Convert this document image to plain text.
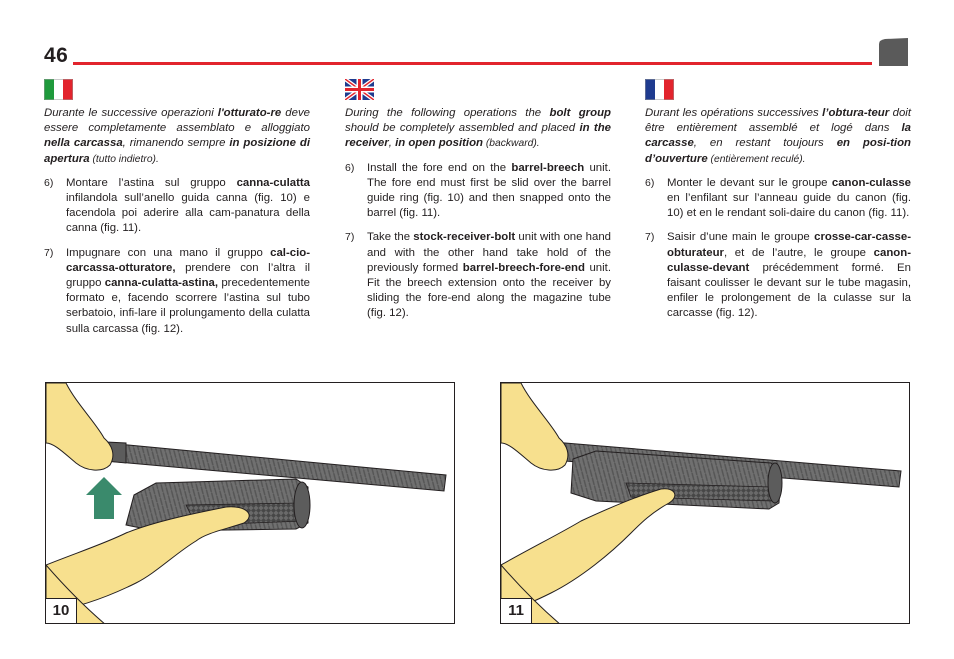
46

Durante le successive operazioni l'otturato-re deve essere completamente assemblato e alloggiato nella carcassa, rimanendo sempre in posizione di apertura (tutto indietro).

6)	Montare l’astina sul gruppo canna-culatta infilandola sull’anello guida canna (fig. 10) e facendola poi aderire alla cam-panatura della canna (fig. 11).
7)	Impugnare con una mano il gruppo cal-cio-carcassa-otturatore, prendere con l’altra il gruppo canna-culatta-astina, precedentemente formato e, facendo scorrere l’astina sul tubo serbatoio, infi-lare il prolungamento della culatta sulla carcassa (fig. 12).

During the following operations the bolt group should be completely assembled and placed in the receiver, in open position (backward).

6)	Install the fore end on the barrel-breech unit. The fore end must first be slid over the barrel guide ring (fig. 10) and then snapped onto the barrel (fig. 11).
7)	Take the stock-receiver-bolt unit with one hand and with the other hand take hold of the previously formed barrel-breech-fore-end unit. Fit the breech extension onto the receiver by sliding the fore-end along the magazine tube (fig. 12).

Durant les opérations successives l’obtura-teur doit être entièrement assemblé et logé dans la carcasse, en restant toujours en posi-tion d’ouverture (entièrement reculé).

6)	Monter le devant sur le groupe canon-culasse en l’enfilant sur l’anneau guide du canon (fig. 10) et en le rendant soli-daire du canon (fig. 11).
7)	Saisir d’une main le groupe crosse-car-casse-obturateur, et de l’autre, le groupe canon-culasse-devant précédemment formé. En faisant coulisser le devant sur le tube magasin, enfiler le prolongement de la culasse sur la carcasse (fig. 12).
10	11
